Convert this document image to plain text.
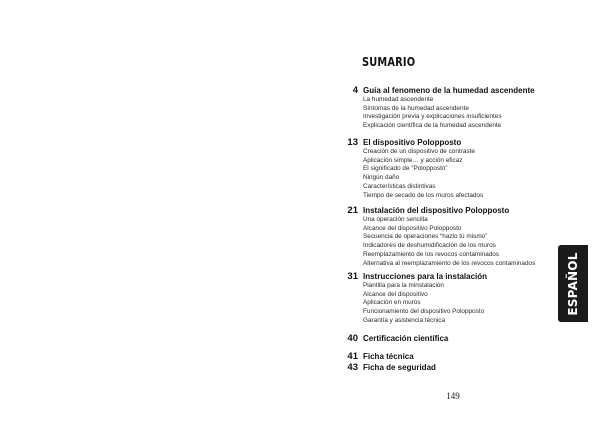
SUMARIO
4 Guía al fenomeno de la humedad ascendente
La humedad ascendente
Síntomas de la humedad ascendente
Investigación previa y explicaciones insuficientes
Explicación científica de la humedad ascendente
13 El dispositivo Polopposto
Creación de un dispositivo de contraste
Aplicación simple… y acción eficaz
El significado de “Polopposto”
Ningún daño
Características distintivas
Tiempo de secado de los muros afectados
21 Instalación del dispositivo Polopposto
Una operación sencilla
Alcance del dispositivo Polopposto
Secuencia de operaciones “hazlo tú mismo”
Indicadores de deshumidificación de los muros
Reemplazamiento de los revocos contaminados
Alternativa al reemplazamiento de los revocos contaminados
31 Instrucciones para la instalación
Plantilla para la minstalación
Alcance del dispositivo
Aplicación en muros
Funcionamiento del dispositivo Polopposto
Garantía y asistencia técnica
40 Certificación científica
41 Ficha técnica
43 Ficha de seguridad
ESPAÑOL
149
